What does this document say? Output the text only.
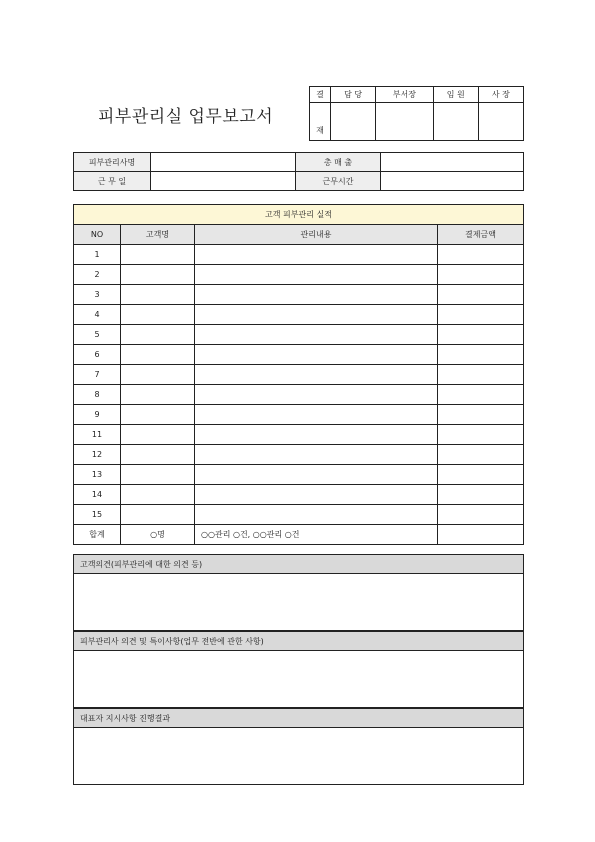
피부관리실 업무보고서
결	담 당	부서장	임 원	사 장
재				
피부관리사명		총 매 출	
근 무 일		근무시간	
고객 피부관리 실적			
NO	고객명	관리내용	결제금액
1			
2			
3			
4			
5			
6			
7			
8			
9			
11			
12			
13			
14			
15			
합계	○명	○○관리 ○건, ○○관리 ○건	
고객의견(피부관리에 대한 의견 등)

피부관리사 의견 및 특이사항(업무 전반에 관한 사항)

대표자 지시사항 진행결과
